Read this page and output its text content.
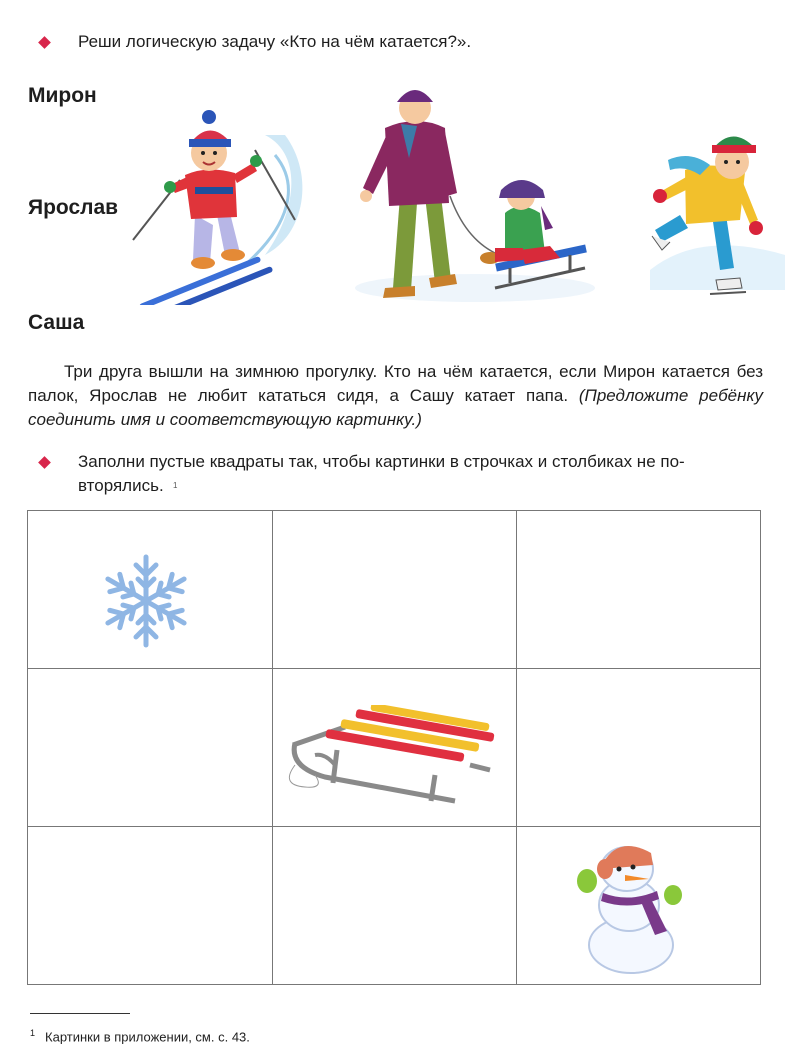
Реши логическую задачу «Кто на чём катается?».
Мирон
Ярослав
Саша
Три друга вышли на зимнюю прогулку. Кто на чём катается, если Мирон катается без палок, Ярослав не любит кататься сидя, а Сашу катает папа. (Предложите ребёнку соединить имя и соответствующую картинку.)
Заполни пустые квадраты так, чтобы картинки в строчках и столбиках не повторялись.	1
$^1$ Картинки в приложении, см. с. 43.
